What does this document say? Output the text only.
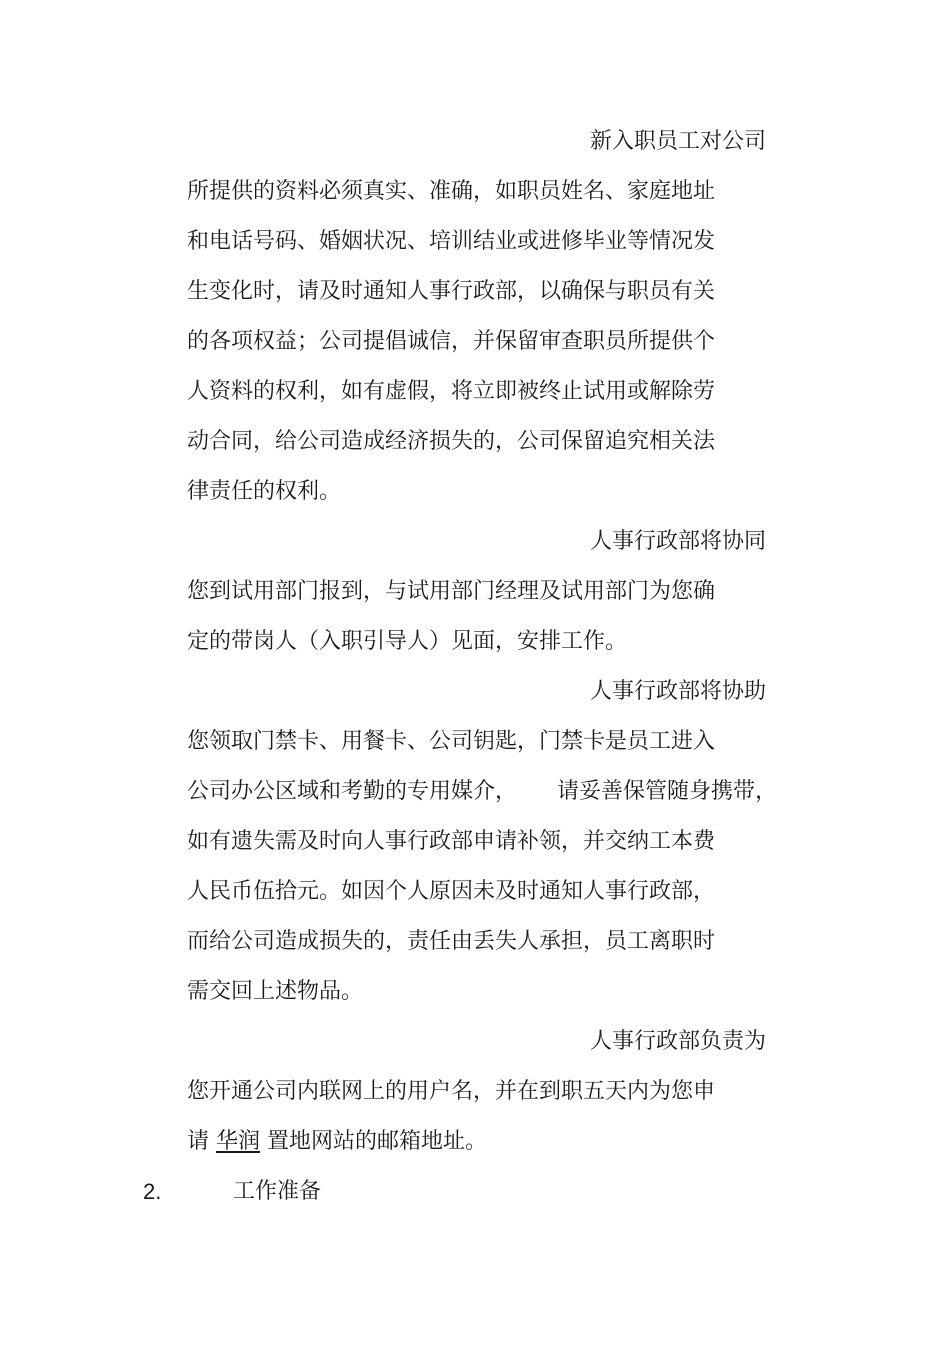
新入职员工对公司
所提供的资料必须真实、准确，如职员姓名、家庭地址
和电话号码、婚姻状况、培训结业或进修毕业等情况发
生变化时，请及时通知人事行政部，以确保与职员有关
的各项权益；公司提倡诚信，并保留审查职员所提供个
人资料的权利，如有虚假，将立即被终止试用或解除劳
动合同，给公司造成经济损失的，公司保留追究相关法
律责任的权利。
人事行政部将协同
您到试用部门报到，与试用部门经理及试用部门为您确
定的带岗人（入职引导人）见面，安排工作。
人事行政部将协助
您领取门禁卡、用餐卡、公司钥匙，门禁卡是员工进入
公司办公区域和考勤的专用媒介， 请妥善保管随身携带，
如有遗失需及时向人事行政部申请补领，并交纳工本费
人民币伍拾元。如因个人原因未及时通知人事行政部，
而给公司造成损失的，责任由丢失人承担，员工离职时
需交回上述物品。
人事行政部负责为
您开通公司内联网上的用户名，并在到职五天内为您申
请 华润 置地网站的邮箱地址。
2.	工作准备
